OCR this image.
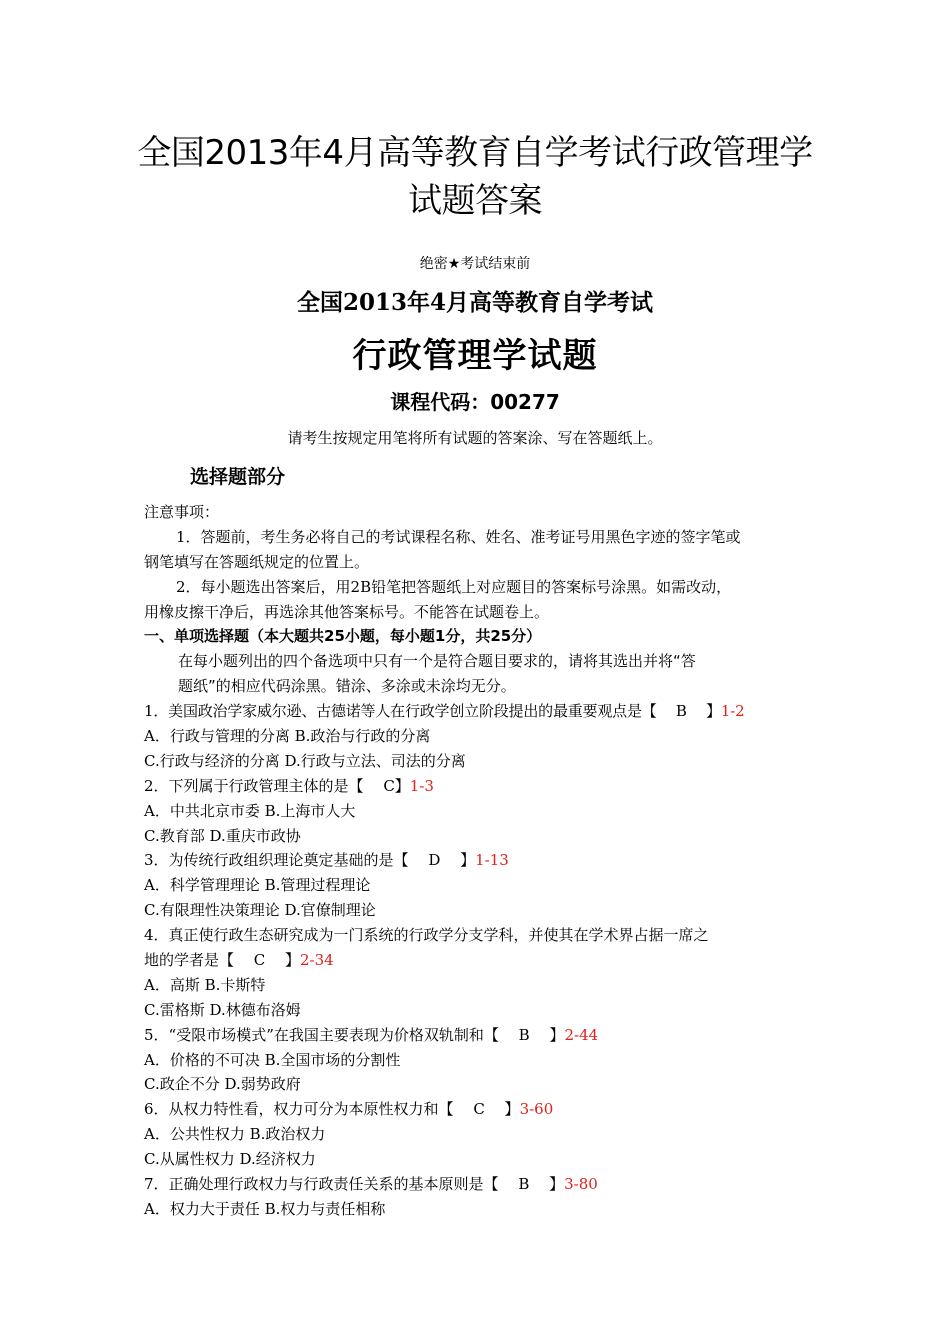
全国2013年4月高等教育自学考试行政管理学
试题答案
绝密★考试结束前
全国2013年4月高等教育自学考试
行政管理学试题
课程代码：00277
请考生按规定用笔将所有试题的答案涂、写在答题纸上。
选择题部分
注意事项：
1．答题前，考生务必将自己的考试课程名称、姓名、准考证号用黑色字迹的签字笔或
钢笔填写在答题纸规定的位置上。
2．每小题选出答案后，用2B铅笔把答题纸上对应题目的答案标号涂黑。如需改动，
用橡皮擦干净后，再选涂其他答案标号。不能答在试题卷上。
一、单项选择题（本大题共25小题，每小题1分，共25分）
在每小题列出的四个备选项中只有一个是符合题目要求的，请将其选出并将“答
题纸”的相应代码涂黑。错涂、多涂或未涂均无分。
1．美国政治学家威尔逊、古德诺等人在行政学创立阶段提出的最重要观点是【　 B　 】1-2
A．行政与管理的分离 B.政治与行政的分离
C.行政与经济的分离 D.行政与立法、司法的分离
2．下列属于行政管理主体的是【　 C】1-3
A．中共北京市委 B.上海市人大
C.教育部 D.重庆市政协
3．为传统行政组织理论奠定基础的是【　 D　 】1-13
A．科学管理理论 B.管理过程理论
C.有限理性决策理论 D.官僚制理论
4．真正使行政生态研究成为一门系统的行政学分支学科，并使其在学术界占据一席之
地的学者是【　 C　 】2-34
A．高斯 B.卡斯特
C.雷格斯 D.林德布洛姆
5．“受限市场模式”在我国主要表现为价格双轨制和【　 B　 】2-44
A．价格的不可决 B.全国市场的分割性
C.政企不分 D.弱势政府
6．从权力特性看，权力可分为本原性权力和【　 C　 】3-60
A．公共性权力 B.政治权力
C.从属性权力 D.经济权力
7．正确处理行政权力与行政责任关系的基本原则是【　 B　 】3-80
A．权力大于责任 B.权力与责任相称
